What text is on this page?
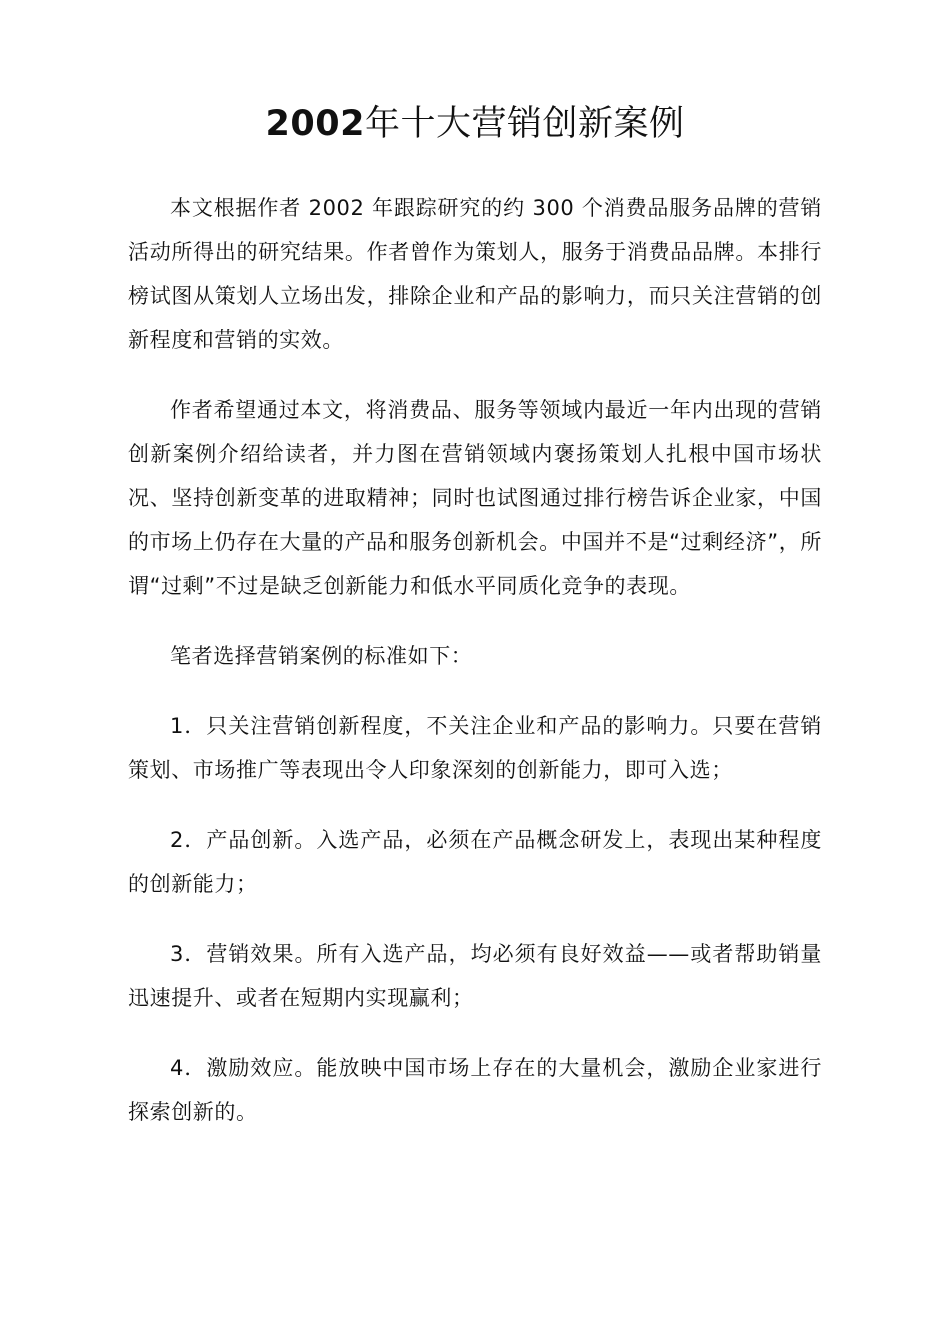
2002年十大营销创新案例

本文根据作者 2002 年跟踪研究的约 300 个消费品服务品牌的营销活动所得出的研究结果。作者曾作为策划人，服务于消费品品牌。本排行榜试图从策划人立场出发，排除企业和产品的影响力，而只关注营销的创新程度和营销的实效。

作者希望通过本文，将消费品、服务等领域内最近一年内出现的营销创新案例介绍给读者，并力图在营销领域内褒扬策划人扎根中国市场状况、坚持创新变革的进取精神；同时也试图通过排行榜告诉企业家，中国的市场上仍存在大量的产品和服务创新机会。中国并不是“过剩经济”，所谓“过剩”不过是缺乏创新能力和低水平同质化竞争的表现。

笔者选择营销案例的标准如下：

1．只关注营销创新程度，不关注企业和产品的影响力。只要在营销策划、市场推广等表现出令人印象深刻的创新能力，即可入选；

2．产品创新。入选产品，必须在产品概念研发上，表现出某种程度的创新能力；

3．营销效果。所有入选产品，均必须有良好效益——或者帮助销量迅速提升、或者在短期内实现赢利；

4．激励效应。能放映中国市场上存在的大量机会，激励企业家进行探索创新的。
